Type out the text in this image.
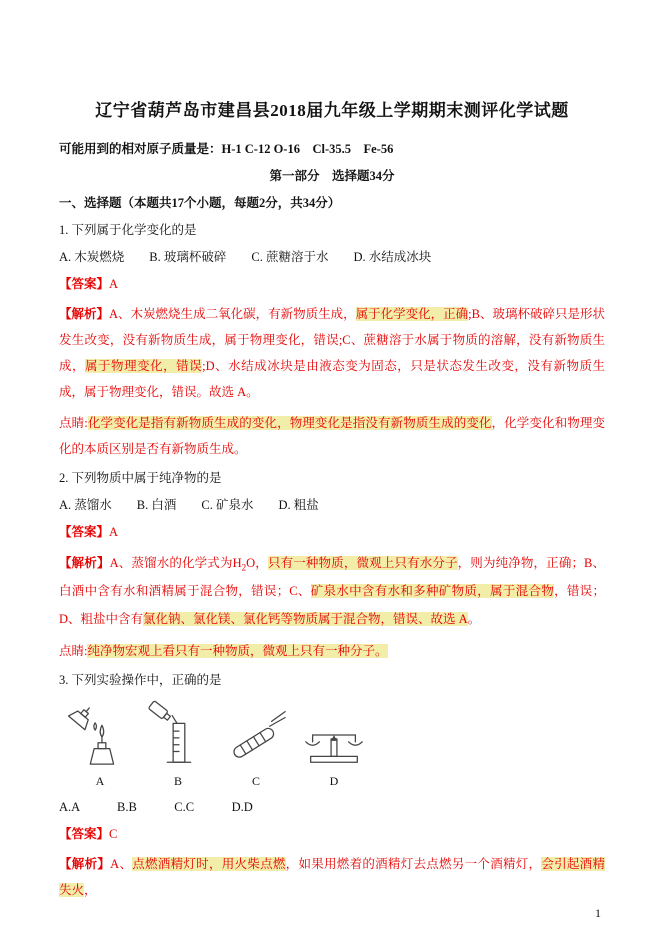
辽宁省葫芦岛市建昌县2018届九年级上学期期末测评化学试题

可能用到的相对原子质量是：H-1 C-12 O-16　Cl-35.5　Fe-56

第一部分　选择题34分

一、选择题（本题共17个小题，每题2分，共34分）

1. 下列属于化学变化的是

A. 木炭燃烧　　B. 玻璃杯破碎　　C. 蔗糖溶于水　　D. 水结成冰块

【答案】A

【解析】A、木炭燃烧生成二氧化碳，有新物质生成，属于化学变化，正确;B、玻璃杯破碎只是形状发生改变，没有新物质生成，属于物理变化，错误;C、蔗糖溶于水属于物质的溶解，没有新物质生成，属于物理变化，错误;D、水结成冰块是由液态变为固态，只是状态发生改变，没有新物质生成，属于物理变化，错误。故选 A。

点睛:化学变化是指有新物质生成的变化，物理变化是指没有新物质生成的变化，化学变化和物理变化的本质区别是否有新物质生成。

2. 下列物质中属于纯净物的是

A. 蒸馏水　　B. 白酒　　C. 矿泉水　　D. 粗盐

【答案】A

【解析】A、蒸馏水的化学式为$H_2O$，只有一种物质，微观上只有水分子，则为纯净物，正确；B、白酒中含有水和酒精属于混合物，错误；C、矿泉水中含有水和多种矿物质，属于混合物，错误；D、粗盐中含有氯化钠、氯化镁、氯化钙等物质属于混合物，错误、故选 A。

点睛:纯净物宏观上看只有一种物质，微观上只有一种分子。

3. 下列实验操作中，正确的是

A	B	C	D

A.A　　　B.B　　　C.C　　　D.D

【答案】C

【解析】A、点燃酒精灯时，用火柴点燃，如果用燃着的酒精灯去点燃另一个酒精灯，会引起酒精失火，

1
